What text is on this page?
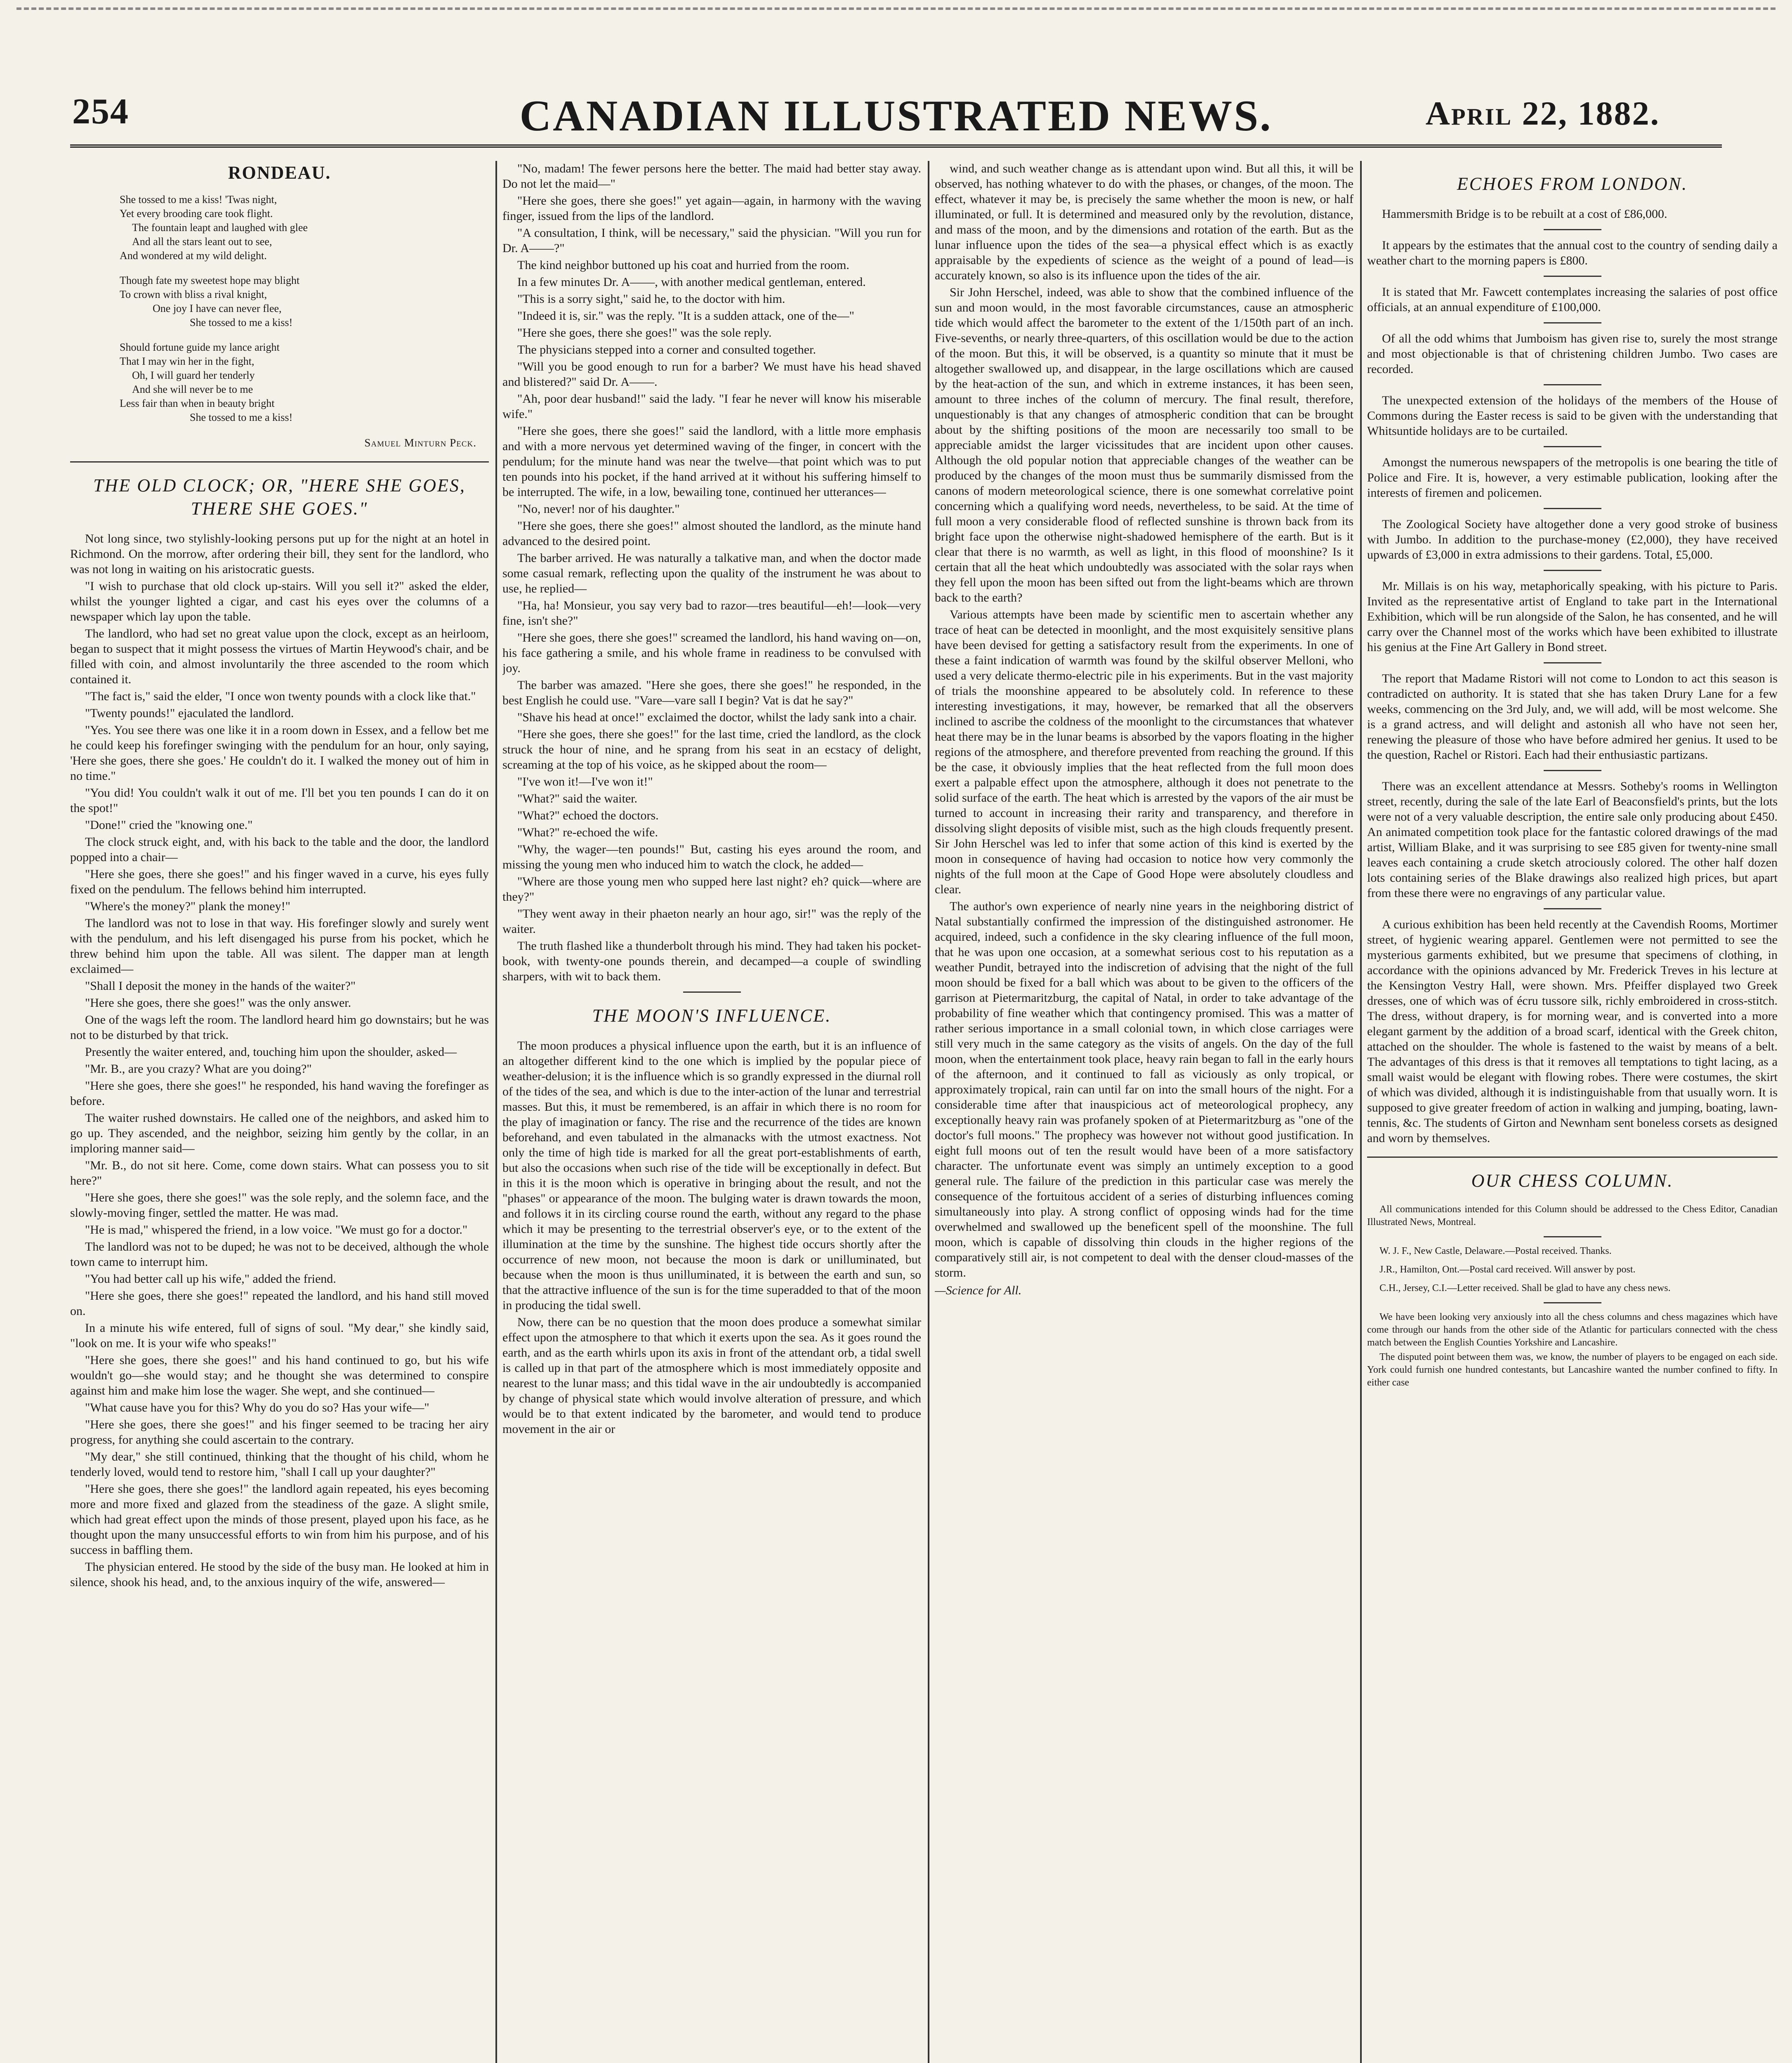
254	CANADIAN ILLUSTRATED NEWS.	April 22, 1882.
RONDEAU.
She tossed to me a kiss! 'Twas night,
Yet every brooding care took flight.
The fountain leapt and laughed with glee
And all the stars leant out to see,
And wondered at my wild delight.
Though fate my sweetest hope may blight
To crown with bliss a rival knight,
One joy I have can never flee,
She tossed to me a kiss!
Should fortune guide my lance aright
That I may win her in the fight,
Oh, I will guard her tenderly
And she will never be to me
Less fair than when in beauty bright
She tossed to me a kiss!
Samuel Minturn Peck.
THE OLD CLOCK; OR, "HERE SHE GOES, THERE SHE GOES."

Not long since, two stylishly-looking persons put up for the night at an hotel in Richmond. On the morrow, after ordering their bill, they sent for the landlord, who was not long in waiting on his aristocratic guests.

"I wish to purchase that old clock up-stairs. Will you sell it?" asked the elder, whilst the younger lighted a cigar, and cast his eyes over the columns of a newspaper which lay upon the table.

The landlord, who had set no great value upon the clock, except as an heirloom, began to suspect that it might possess the virtues of Martin Heywood's chair, and be filled with coin, and almost involuntarily the three ascended to the room which contained it.

"The fact is," said the elder, "I once won twenty pounds with a clock like that."

"Twenty pounds!" ejaculated the landlord.

"Yes. You see there was one like it in a room down in Essex, and a fellow bet me he could keep his forefinger swinging with the pendulum for an hour, only saying, 'Here she goes, there she goes.' He couldn't do it. I walked the money out of him in no time."

"You did! You couldn't walk it out of me. I'll bet you ten pounds I can do it on the spot!"

"Done!" cried the "knowing one."

The clock struck eight, and, with his back to the table and the door, the landlord popped into a chair—

"Here she goes, there she goes!" and his finger waved in a curve, his eyes fully fixed on the pendulum. The fellows behind him interrupted.

"Where's the money?" plank the money!"

The landlord was not to lose in that way. His forefinger slowly and surely went with the pendulum, and his left disengaged his purse from his pocket, which he threw behind him upon the table. All was silent. The dapper man at length exclaimed—

"Shall I deposit the money in the hands of the waiter?"

"Here she goes, there she goes!" was the only answer.

One of the wags left the room. The landlord heard him go downstairs; but he was not to be disturbed by that trick.

Presently the waiter entered, and, touching him upon the shoulder, asked—

"Mr. B., are you crazy? What are you doing?"

"Here she goes, there she goes!" he responded, his hand waving the forefinger as before.

The waiter rushed downstairs. He called one of the neighbors, and asked him to go up. They ascended, and the neighbor, seizing him gently by the collar, in an imploring manner said—

"Mr. B., do not sit here. Come, come down stairs. What can possess you to sit here?"

"Here she goes, there she goes!" was the sole reply, and the solemn face, and the slowly-moving finger, settled the matter. He was mad.

"He is mad," whispered the friend, in a low voice. "We must go for a doctor."

The landlord was not to be duped; he was not to be deceived, although the whole town came to interrupt him.

"You had better call up his wife," added the friend.

"Here she goes, there she goes!" repeated the landlord, and his hand still moved on.

In a minute his wife entered, full of signs of soul. "My dear," she kindly said, "look on me. It is your wife who speaks!"

"Here she goes, there she goes!" and his hand continued to go, but his wife wouldn't go—she would stay; and he thought she was determined to conspire against him and make him lose the wager. She wept, and she continued—

"What cause have you for this? Why do you do so? Has your wife—"

"Here she goes, there she goes!" and his finger seemed to be tracing her airy progress, for anything she could ascertain to the contrary.

"My dear," she still continued, thinking that the thought of his child, whom he tenderly loved, would tend to restore him, "shall I call up your daughter?"

"Here she goes, there she goes!" the landlord again repeated, his eyes becoming more and more fixed and glazed from the steadiness of the gaze. A slight smile, which had great effect upon the minds of those present, played upon his face, as he thought upon the many unsuccessful efforts to win from him his purpose, and of his success in baffling them.

The physician entered. He stood by the side of the busy man. He looked at him in silence, shook his head, and, to the anxious inquiry of the wife, answered—

"No, madam! The fewer persons here the better. The maid had better stay away. Do not let the maid—"

"Here she goes, there she goes!" yet again—again, in harmony with the waving finger, issued from the lips of the landlord.

"A consultation, I think, will be necessary," said the physician. "Will you run for Dr. A——?"

The kind neighbor buttoned up his coat and hurried from the room.

In a few minutes Dr. A——, with another medical gentleman, entered.

"This is a sorry sight," said he, to the doctor with him.

"Indeed it is, sir." was the reply. "It is a sudden attack, one of the—"

"Here she goes, there she goes!" was the sole reply.

The physicians stepped into a corner and consulted together.

"Will you be good enough to run for a barber? We must have his head shaved and blistered?" said Dr. A——.

"Ah, poor dear husband!" said the lady. "I fear he never will know his miserable wife."

"Here she goes, there she goes!" said the landlord, with a little more emphasis and with a more nervous yet determined waving of the finger, in concert with the pendulum; for the minute hand was near the twelve—that point which was to put ten pounds into his pocket, if the hand arrived at it without his suffering himself to be interrupted. The wife, in a low, bewailing tone, continued her utterances—

"No, never! nor of his daughter."

"Here she goes, there she goes!" almost shouted the landlord, as the minute hand advanced to the desired point.

The barber arrived. He was naturally a talkative man, and when the doctor made some casual remark, reflecting upon the quality of the instrument he was about to use, he replied—

"Ha, ha! Monsieur, you say very bad to razor—tres beautiful—eh!—look—very fine, isn't she?"

"Here she goes, there she goes!" screamed the landlord, his hand waving on—on, his face gathering a smile, and his whole frame in readiness to be convulsed with joy.

The barber was amazed. "Here she goes, there she goes!" he responded, in the best English he could use. "Vare—vare sall I begin? Vat is dat he say?"

"Shave his head at once!" exclaimed the doctor, whilst the lady sank into a chair.

"Here she goes, there she goes!" for the last time, cried the landlord, as the clock struck the hour of nine, and he sprang from his seat in an ecstacy of delight, screaming at the top of his voice, as he skipped about the room—

"I've won it!—I've won it!"

"What?" said the waiter.

"What?" echoed the doctors.

"What?" re-echoed the wife.

"Why, the wager—ten pounds!" But, casting his eyes around the room, and missing the young men who induced him to watch the clock, he added—

"Where are those young men who supped here last night? eh? quick—where are they?"

"They went away in their phaeton nearly an hour ago, sir!" was the reply of the waiter.

The truth flashed like a thunderbolt through his mind. They had taken his pocket-book, with twenty-one pounds therein, and decamped—a couple of swindling sharpers, with wit to back them.

THE MOON'S INFLUENCE.

The moon produces a physical influence upon the earth, but it is an influence of an altogether different kind to the one which is implied by the popular piece of weather-delusion; it is the influence which is so grandly expressed in the diurnal roll of the tides of the sea, and which is due to the inter-action of the lunar and terrestrial masses. But this, it must be remembered, is an affair in which there is no room for the play of imagination or fancy. The rise and the recurrence of the tides are known beforehand, and even tabulated in the almanacks with the utmost exactness. Not only the time of high tide is marked for all the great port-establishments of earth, but also the occasions when such rise of the tide will be exceptionally in defect. But in this it is the moon which is operative in bringing about the result, and not the "phases" or appearance of the moon. The bulging water is drawn towards the moon, and follows it in its circling course round the earth, without any regard to the phase which it may be presenting to the terrestrial observer's eye, or to the extent of the illumination at the time by the sunshine. The highest tide occurs shortly after the occurrence of new moon, not because the moon is dark or unilluminated, but because when the moon is thus unilluminated, it is between the earth and sun, so that the attractive influence of the sun is for the time superadded to that of the moon in producing the tidal swell.

Now, there can be no question that the moon does produce a somewhat similar effect upon the atmosphere to that which it exerts upon the sea. As it goes round the earth, and as the earth whirls upon its axis in front of the attendant orb, a tidal swell is called up in that part of the atmosphere which is most immediately opposite and nearest to the lunar mass; and this tidal wave in the air undoubtedly is accompanied by change of physical state which would involve alteration of pressure, and which would be to that extent indicated by the barometer, and would tend to produce movement in the air or

wind, and such weather change as is attendant upon wind. But all this, it will be observed, has nothing whatever to do with the phases, or changes, of the moon. The effect, whatever it may be, is precisely the same whether the moon is new, or half illuminated, or full. It is determined and measured only by the revolution, distance, and mass of the moon, and by the dimensions and rotation of the earth. But as the lunar influence upon the tides of the sea—a physical effect which is as exactly appraisable by the expedients of science as the weight of a pound of lead—is accurately known, so also is its influence upon the tides of the air.

Sir John Herschel, indeed, was able to show that the combined influence of the sun and moon would, in the most favorable circumstances, cause an atmospheric tide which would affect the barometer to the extent of the 1/150th part of an inch. Five-sevenths, or nearly three-quarters, of this oscillation would be due to the action of the moon. But this, it will be observed, is a quantity so minute that it must be altogether swallowed up, and disappear, in the large oscillations which are caused by the heat-action of the sun, and which in extreme instances, it has been seen, amount to three inches of the column of mercury. The final result, therefore, unquestionably is that any changes of atmospheric condition that can be brought about by the shifting positions of the moon are necessarily too small to be appreciable amidst the larger vicissitudes that are incident upon other causes. Although the old popular notion that appreciable changes of the weather can be produced by the changes of the moon must thus be summarily dismissed from the canons of modern meteorological science, there is one somewhat correlative point concerning which a qualifying word needs, nevertheless, to be said. At the time of full moon a very considerable flood of reflected sunshine is thrown back from its bright face upon the otherwise night-shadowed hemisphere of the earth. But is it clear that there is no warmth, as well as light, in this flood of moonshine? Is it certain that all the heat which undoubtedly was associated with the solar rays when they fell upon the moon has been sifted out from the light-beams which are thrown back to the earth?

Various attempts have been made by scientific men to ascertain whether any trace of heat can be detected in moonlight, and the most exquisitely sensitive plans have been devised for getting a satisfactory result from the experiments. In one of these a faint indication of warmth was found by the skilful observer Melloni, who used a very delicate thermo-electric pile in his experiments. But in the vast majority of trials the moonshine appeared to be absolutely cold. In reference to these interesting investigations, it may, however, be remarked that all the observers inclined to ascribe the coldness of the moonlight to the circumstances that whatever heat there may be in the lunar beams is absorbed by the vapors floating in the higher regions of the atmosphere, and therefore prevented from reaching the ground. If this be the case, it obviously implies that the heat reflected from the full moon does exert a palpable effect upon the atmosphere, although it does not penetrate to the solid surface of the earth. The heat which is arrested by the vapors of the air must be turned to account in increasing their rarity and transparency, and therefore in dissolving slight deposits of visible mist, such as the high clouds frequently present. Sir John Herschel was led to infer that some action of this kind is exerted by the moon in consequence of having had occasion to notice how very commonly the nights of the full moon at the Cape of Good Hope were absolutely cloudless and clear.

The author's own experience of nearly nine years in the neighboring district of Natal substantially confirmed the impression of the distinguished astronomer. He acquired, indeed, such a confidence in the sky clearing influence of the full moon, that he was upon one occasion, at a somewhat serious cost to his reputation as a weather Pundit, betrayed into the indiscretion of advising that the night of the full moon should be fixed for a ball which was about to be given to the officers of the garrison at Pietermaritzburg, the capital of Natal, in order to take advantage of the probability of fine weather which that contingency promised. This was a matter of rather serious importance in a small colonial town, in which close carriages were still very much in the same category as the visits of angels. On the day of the full moon, when the entertainment took place, heavy rain began to fall in the early hours of the afternoon, and it continued to fall as viciously as only tropical, or approximately tropical, rain can until far on into the small hours of the night. For a considerable time after that inauspicious act of meteorological prophecy, any exceptionally heavy rain was profanely spoken of at Pietermaritzburg as "one of the doctor's full moons." The prophecy was however not without good justification. In eight full moons out of ten the result would have been of a more satisfactory character. The unfortunate event was simply an untimely exception to a good general rule. The failure of the prediction in this particular case was merely the consequence of the fortuitous accident of a series of disturbing influences coming simultaneously into play. A strong conflict of opposing winds had for the time overwhelmed and swallowed up the beneficent spell of the moonshine. The full moon, which is capable of dissolving thin clouds in the higher regions of the comparatively still air, is not competent to deal with the denser cloud-masses of the storm.

—Science for All.

ECHOES FROM LONDON.

Hammersmith Bridge is to be rebuilt at a cost of £86,000.

It appears by the estimates that the annual cost to the country of sending daily a weather chart to the morning papers is £800.

It is stated that Mr. Fawcett contemplates increasing the salaries of post office officials, at an annual expenditure of £100,000.

Of all the odd whims that Jumboism has given rise to, surely the most strange and most objectionable is that of christening children Jumbo. Two cases are recorded.

The unexpected extension of the holidays of the members of the House of Commons during the Easter recess is said to be given with the understanding that Whitsuntide holidays are to be curtailed.

Amongst the numerous newspapers of the metropolis is one bearing the title of Police and Fire. It is, however, a very estimable publication, looking after the interests of firemen and policemen.

The Zoological Society have altogether done a very good stroke of business with Jumbo. In addition to the purchase-money (£2,000), they have received upwards of £3,000 in extra admissions to their gardens. Total, £5,000.

Mr. Millais is on his way, metaphorically speaking, with his picture to Paris. Invited as the representative artist of England to take part in the International Exhibition, which will be run alongside of the Salon, he has consented, and he will carry over the Channel most of the works which have been exhibited to illustrate his genius at the Fine Art Gallery in Bond street.

The report that Madame Ristori will not come to London to act this season is contradicted on authority. It is stated that she has taken Drury Lane for a few weeks, commencing on the 3rd July, and, we will add, will be most welcome. She is a grand actress, and will delight and astonish all who have not seen her, renewing the pleasure of those who have before admired her genius. It used to be the question, Rachel or Ristori. Each had their enthusiastic partizans.

There was an excellent attendance at Messrs. Sotheby's rooms in Wellington street, recently, during the sale of the late Earl of Beaconsfield's prints, but the lots were not of a very valuable description, the entire sale only producing about £450. An animated competition took place for the fantastic colored drawings of the mad artist, William Blake, and it was surprising to see £85 given for twenty-nine small leaves each containing a crude sketch atrociously colored. The other half dozen lots containing series of the Blake drawings also realized high prices, but apart from these there were no engravings of any particular value.

A curious exhibition has been held recently at the Cavendish Rooms, Mortimer street, of hygienic wearing apparel. Gentlemen were not permitted to see the mysterious garments exhibited, but we presume that specimens of clothing, in accordance with the opinions advanced by Mr. Frederick Treves in his lecture at the Kensington Vestry Hall, were shown. Mrs. Pfeiffer displayed two Greek dresses, one of which was of écru tussore silk, richly embroidered in cross-stitch. The dress, without drapery, is for morning wear, and is converted into a more elegant garment by the addition of a broad scarf, identical with the Greek chiton, attached on the shoulder. The whole is fastened to the waist by means of a belt. The advantages of this dress is that it removes all temptations to tight lacing, as a small waist would be elegant with flowing robes. There were costumes, the skirt of which was divided, although it is indistinguishable from that usually worn. It is supposed to give greater freedom of action in walking and jumping, boating, lawn-tennis, &c. The students of Girton and Newnham sent boneless corsets as designed and worn by themselves.

OUR CHESS COLUMN.

All communications intended for this Column should be addressed to the Chess Editor, Canadian Illustrated News, Montreal.

W. J. F., New Castle, Delaware.—Postal received. Thanks.

J.R., Hamilton, Ont.—Postal card received. Will answer by post.

C.H., Jersey, C.I.—Letter received. Shall be glad to have any chess news.

We have been looking very anxiously into all the chess columns and chess magazines which have come through our hands from the other side of the Atlantic for particulars connected with the chess match between the English Counties Yorkshire and Lancashire.

The disputed point between them was, we know, the number of players to be engaged on each side. York could furnish one hundred contestants, but Lancashire wanted the number confined to fifty. In either case
